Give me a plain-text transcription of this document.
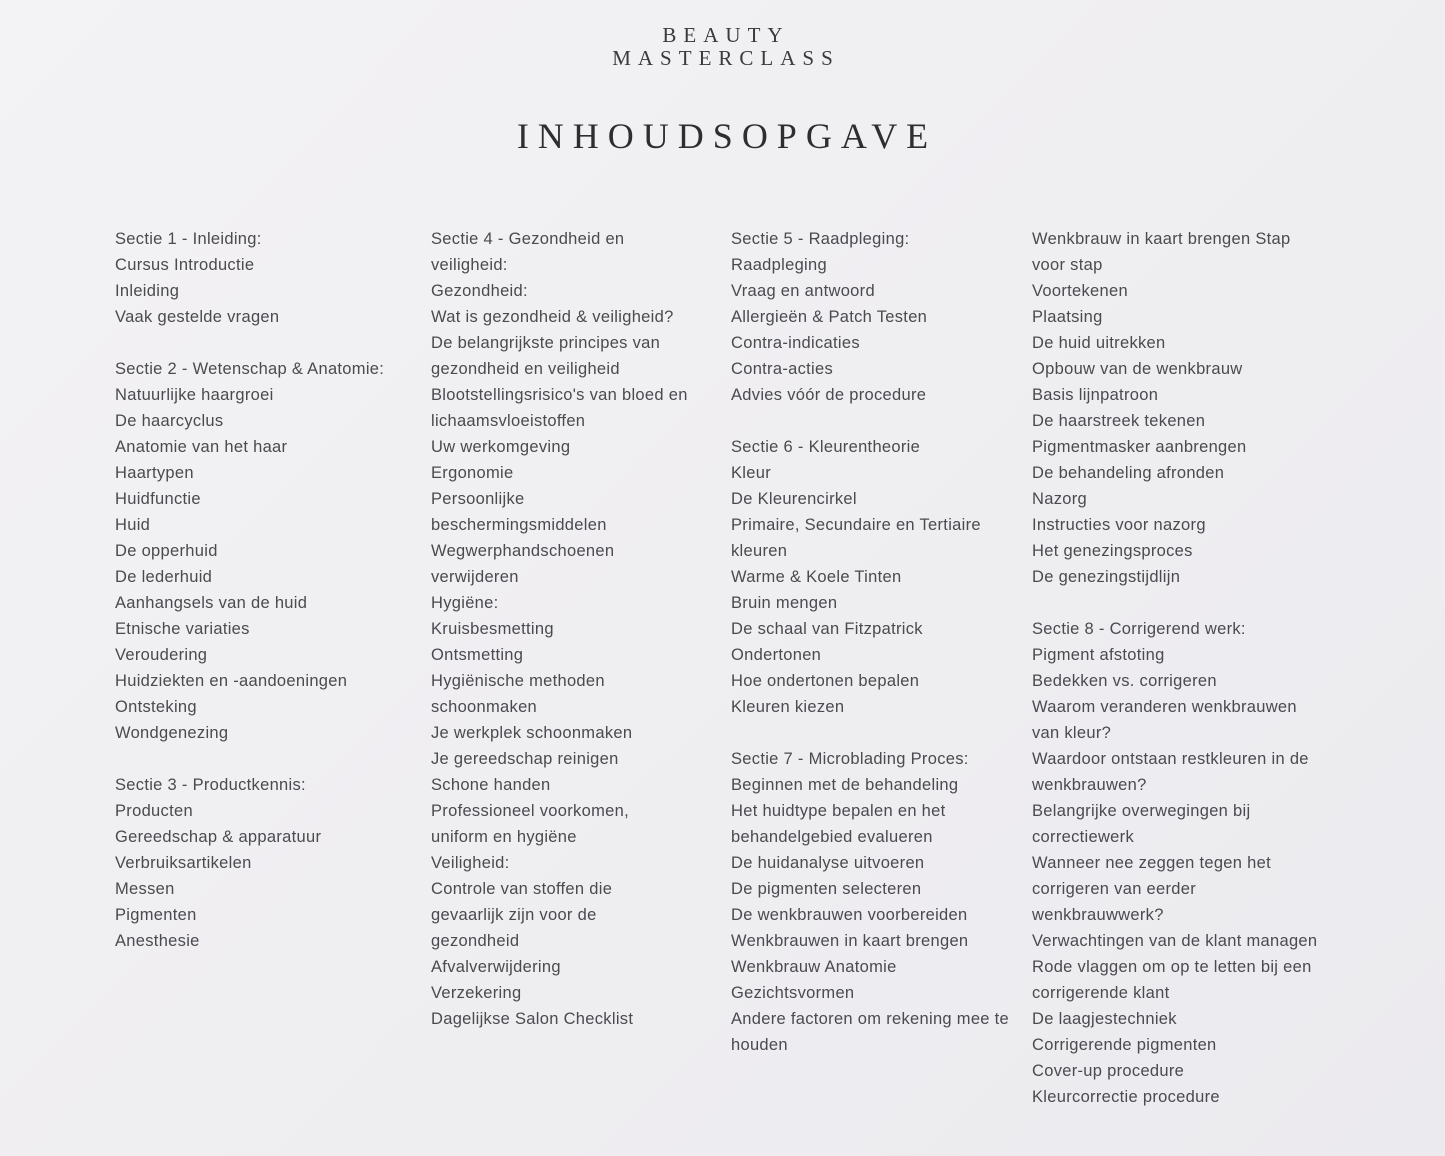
BEAUTY
MASTERCLASS
INHOUDSOPGAVE
Sectie 1 - Inleiding:
Cursus Introductie
Inleiding
Vaak gestelde vragen
Sectie 2 - Wetenschap & Anatomie:
Natuurlijke haargroei
De haarcyclus
Anatomie van het haar
Haartypen
Huidfunctie
Huid
De opperhuid
De lederhuid
Aanhangsels van de huid
Etnische variaties
Veroudering
Huidziekten en -aandoeningen
Ontsteking
Wondgenezing
Sectie 3 - Productkennis:
Producten
Gereedschap & apparatuur
Verbruiksartikelen
Messen
Pigmenten
Anesthesie
Sectie 4 - Gezondheid en
veiligheid:
Gezondheid:
Wat is gezondheid & veiligheid?
De belangrijkste principes van
gezondheid en veiligheid
Blootstellingsrisico's van bloed en
lichaamsvloeistoffen
Uw werkomgeving
Ergonomie
Persoonlijke
beschermingsmiddelen
Wegwerphandschoenen
verwijderen
Hygiëne:
Kruisbesmetting
Ontsmetting
Hygiënische methoden
schoonmaken
Je werkplek schoonmaken
Je gereedschap reinigen
Schone handen
Professioneel voorkomen,
uniform en hygiëne
Veiligheid:
Controle van stoffen die
gevaarlijk zijn voor de
gezondheid
Afvalverwijdering
Verzekering
Dagelijkse Salon Checklist
Sectie 5 - Raadpleging:
Raadpleging
Vraag en antwoord
Allergieën & Patch Testen
Contra-indicaties
Contra-acties
Advies vóór de procedure
Sectie 6 - Kleurentheorie
Kleur
De Kleurencirkel
Primaire, Secundaire en Tertiaire
kleuren
Warme & Koele Tinten
Bruin mengen
De schaal van Fitzpatrick
Ondertonen
Hoe ondertonen bepalen
Kleuren kiezen
Sectie 7 - Microblading Proces:
Beginnen met de behandeling
Het huidtype bepalen en het
behandelgebied evalueren
De huidanalyse uitvoeren
De pigmenten selecteren
De wenkbrauwen voorbereiden
Wenkbrauwen in kaart brengen
Wenkbrauw Anatomie
Gezichtsvormen
Andere factoren om rekening mee te
houden
Wenkbrauw in kaart brengen Stap
voor stap
Voortekenen
Plaatsing
De huid uitrekken
Opbouw van de wenkbrauw
Basis lijnpatroon
De haarstreek tekenen
Pigmentmasker aanbrengen
De behandeling afronden
Nazorg
Instructies voor nazorg
Het genezingsproces
De genezingstijdlijn
Sectie 8 - Corrigerend werk:
Pigment afstoting
Bedekken vs. corrigeren
Waarom veranderen wenkbrauwen
van kleur?
Waardoor ontstaan restkleuren in de
wenkbrauwen?
Belangrijke overwegingen bij
correctiewerk
Wanneer nee zeggen tegen het
corrigeren van eerder
wenkbrauwwerk?
Verwachtingen van de klant managen
Rode vlaggen om op te letten bij een
corrigerende klant
De laagjestechniek
Corrigerende pigmenten
Cover-up procedure
Kleurcorrectie procedure
